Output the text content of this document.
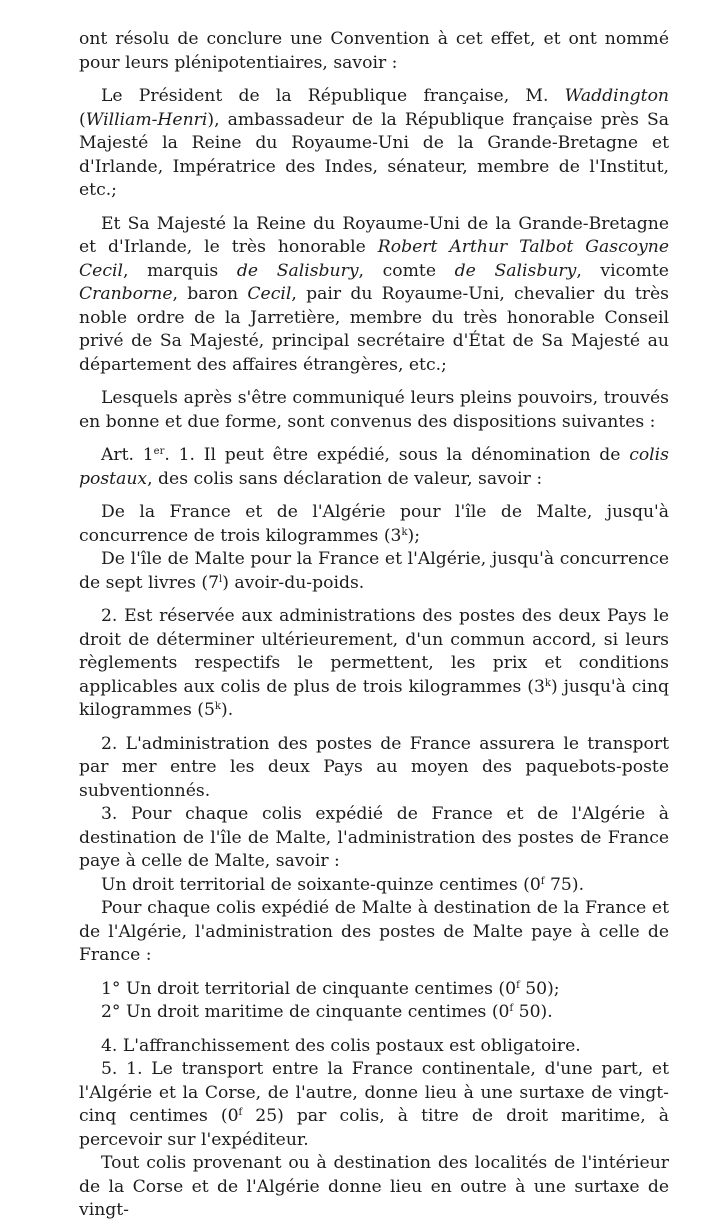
ont résolu de conclure une Convention à cet effet, et ont nommé pour leurs plénipotentiaires, savoir :

Le Président de la République française, M. Waddington (William-Henri), ambassadeur de la République française près Sa Majesté la Reine du Royaume-Uni de la Grande-Bretagne et d'Irlande, Impératrice des Indes, sénateur, membre de l'Institut, etc.;

Et Sa Majesté la Reine du Royaume-Uni de la Grande-Bretagne et d'Irlande, le très honorable Robert Arthur Talbot Gascoyne Cecil, marquis de Salisbury, comte de Salisbury, vicomte Cranborne, baron Cecil, pair du Royaume-Uni, chevalier du très noble ordre de la Jarretière, membre du très honorable Conseil privé de Sa Majesté, principal secrétaire d'État de Sa Majesté au département des affaires étrangères, etc.;

Lesquels après s'être communiqué leurs pleins pouvoirs, trouvés en bonne et due forme, sont convenus des dispositions suivantes :

Art. 1er. 1. Il peut être expédié, sous la dénomination de colis postaux, des colis sans déclaration de valeur, savoir :

De la France et de l'Algérie pour l'île de Malte, jusqu'à concurrence de trois kilogrammes (3$^k$);

De l'île de Malte pour la France et l'Algérie, jusqu'à concurrence de sept livres (7$^l$) avoir-du-poids.

2. Est réservée aux administrations des postes des deux Pays le droit de déterminer ultérieurement, d'un commun accord, si leurs règlements respectifs le permettent, les prix et conditions applicables aux colis de plus de trois kilogrammes (3$^k$) jusqu'à cinq kilogrammes (5$^k$).

2. L'administration des postes de France assurera le transport par mer entre les deux Pays au moyen des paquebots-poste subventionnés.

3. Pour chaque colis expédié de France et de l'Algérie à destination de l'île de Malte, l'administration des postes de France paye à celle de Malte, savoir :

Un droit territorial de soixante-quinze centimes (0$^f$ 75).

Pour chaque colis expédié de Malte à destination de la France et de l'Algérie, l'administration des postes de Malte paye à celle de France :

1° Un droit territorial de cinquante centimes (0$^f$ 50);

2° Un droit maritime de cinquante centimes (0$^f$ 50).

4. L'affranchissement des colis postaux est obligatoire.

5. 1. Le transport entre la France continentale, d'une part, et l'Algérie et la Corse, de l'autre, donne lieu à une surtaxe de vingt-cinq centimes (0$^f$ 25) par colis, à titre de droit maritime, à percevoir sur l'expéditeur.

Tout colis provenant ou à destination des localités de l'intérieur de la Corse et de l'Algérie donne lieu en outre à une surtaxe de vingt-
